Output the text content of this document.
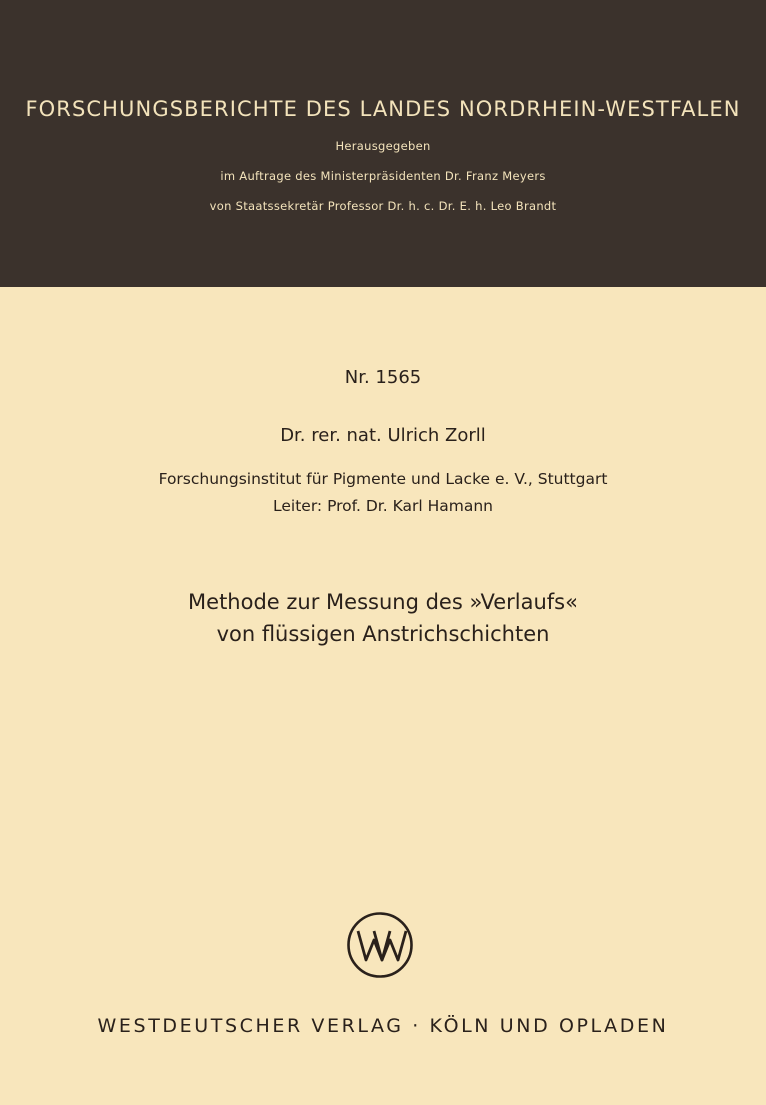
FORSCHUNGSBERICHTE DES LANDES NORDRHEIN-WESTFALEN
Herausgegeben
im Auftrage des Ministerpräsidenten Dr. Franz Meyers
von Staatssekretär Professor Dr. h. c. Dr. E. h. Leo Brandt
Nr. 1565
Dr. rer. nat. Ulrich Zorll
Forschungsinstitut für Pigmente und Lacke e. V., Stuttgart
Leiter: Prof. Dr. Karl Hamann
Methode zur Messung des »Verlaufs«
von flüssigen Anstrichschichten
WESTDEUTSCHER VERLAG · KÖLN UND OPLADEN
